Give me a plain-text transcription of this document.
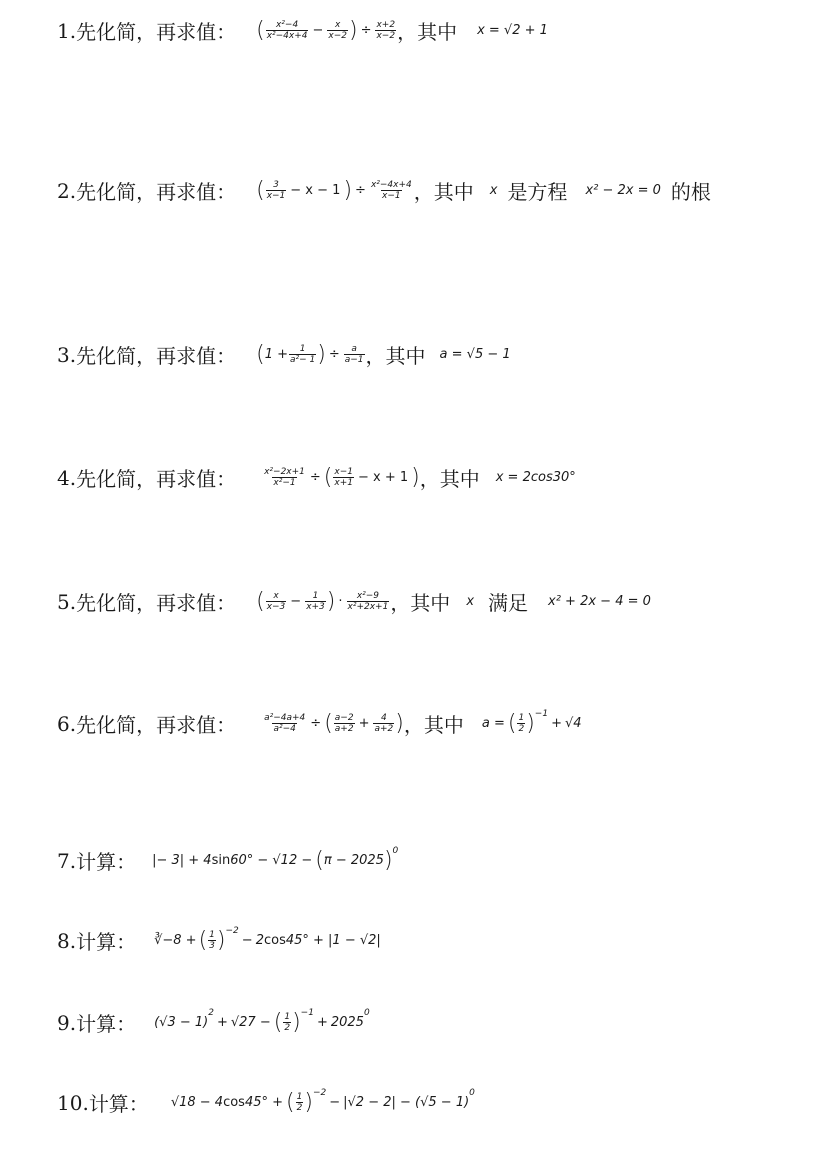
1. 先化简，再求值： ( $\frac{\text{x²−4}}{\text{x²−4x+4}} - \frac{x}{x-2}$ ) ÷ $\frac{x+2}{x-2}$ ，其中 x = √2 + 1
2. 先化简，再求值： ( $\frac{3}{x-1} - x - 1$ ) ÷ $\frac{\text{x²−4x+4}}{x-1}$ ，其中 x 是方程 x² − 2x = 0 的根
3. 先化简，再求值： ( $1 + \frac{1}{\text{a²− 1}}$ ) ÷ $\frac{a}{a-1}$ ，其中 a = √5 − 1
4. 先化简，再求值：	$\frac{\text{x²−2x+1}}{\text{x²−1}}$ ÷ ( $\frac{x-1}{x+1} - x + 1$ ) ，其中 x = 2cos30°
5. 先化简，再求值： ( $\frac{x}{x-3} - \frac{1}{x+3}$ ) · $\frac{\text{x²−9}}{\text{x²+2x+1}}$ ，其中 x 满足 x² + 2x − 4 = 0
6. 先化简，再求值：	$\frac{\text{a²−4a+4}}{\text{a²−4}}$ ÷ ( $\frac{a-2}{a+2} + \frac{4}{a+2}$ ) ，其中 a = ( $\frac{1}{2}$ ) −1
+ √4
7. 计算： |− 3| + 4 sin 60° − √12 − ( π − 2025 ) 0
8. 计算： ∛−8 + ( $\frac{1}{3}$ ) −2
− 2 cos 45° + |1 − √2|
9. 计算： (√3 − 1)
2
+ √27 − ( $\frac{1}{2}$ ) −1
+ 2025
0
10. 计算： √18 − 4 cos 45° + ( $\frac{1}{2}$ ) −2
− |√2 − 2| − (√5 − 1)
0
